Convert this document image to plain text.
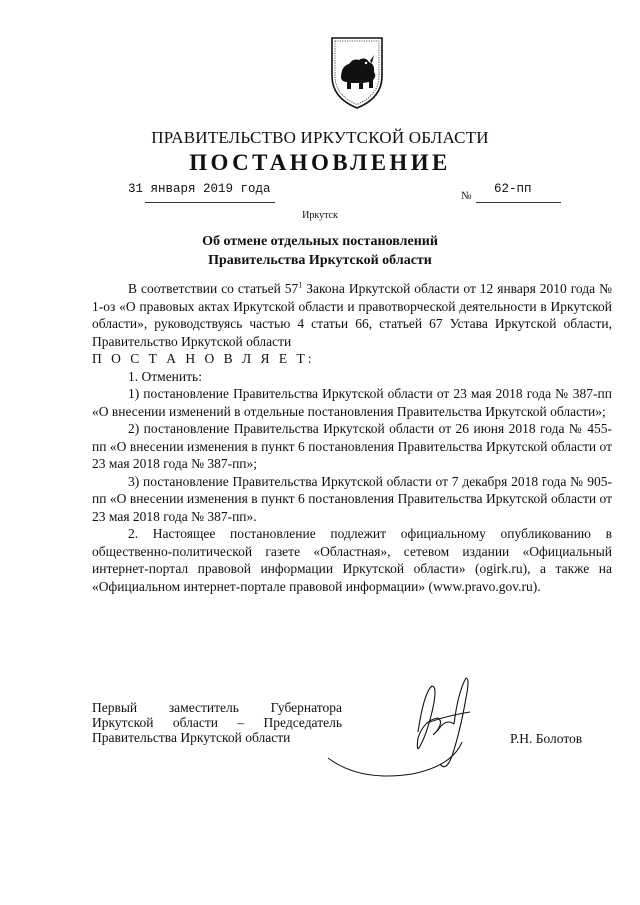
ПРАВИТЕЛЬСТВО ИРКУТСКОЙ ОБЛАСТИ
ПОСТАНОВЛЕНИЕ
31 января 2019 года	№ 62-пп
Иркутск
Об отмене отдельных постановлений
Правительства Иркутской области

В соответствии со статьей $57^1$ Закона Иркутской области от 12 января 2010 года № 1-оз «О правовых актах Иркутской области и правотворческой деятельности в Иркутской области», руководствуясь частью 4 статьи 66, статьей 67 Устава Иркутской области, Правительство Иркутской области

П О С Т А Н О В Л Я Е Т:

1. Отменить:

1) постановление Правительства Иркутской области от 23 мая 2018 года № 387-пп «О внесении изменений в отдельные постановления Правительства Иркутской области»;

2) постановление Правительства Иркутской области от 26 июня 2018 года № 455-пп «О внесении изменения в пункт 6 постановления Правительства Иркутской области от 23 мая 2018 года № 387-пп»;

3) постановление Правительства Иркутской области от 7 декабря 2018 года № 905-пп «О внесении изменения в пункт 6 постановления Правительства Иркутской области от 23 мая 2018 года № 387-пп».

2. Настоящее постановление подлежит официальному опубликованию в общественно-политической газете «Областная», сетевом издании «Официальный интернет-портал правовой информации Иркутской области» (ogirk.ru), а также на «Официальном интернет-портале правовой информации» (www.pravo.gov.ru).

Первый заместитель Губернатора
Иркутской области – Председатель
Правительства Иркутской области	Р.Н. Болотов
